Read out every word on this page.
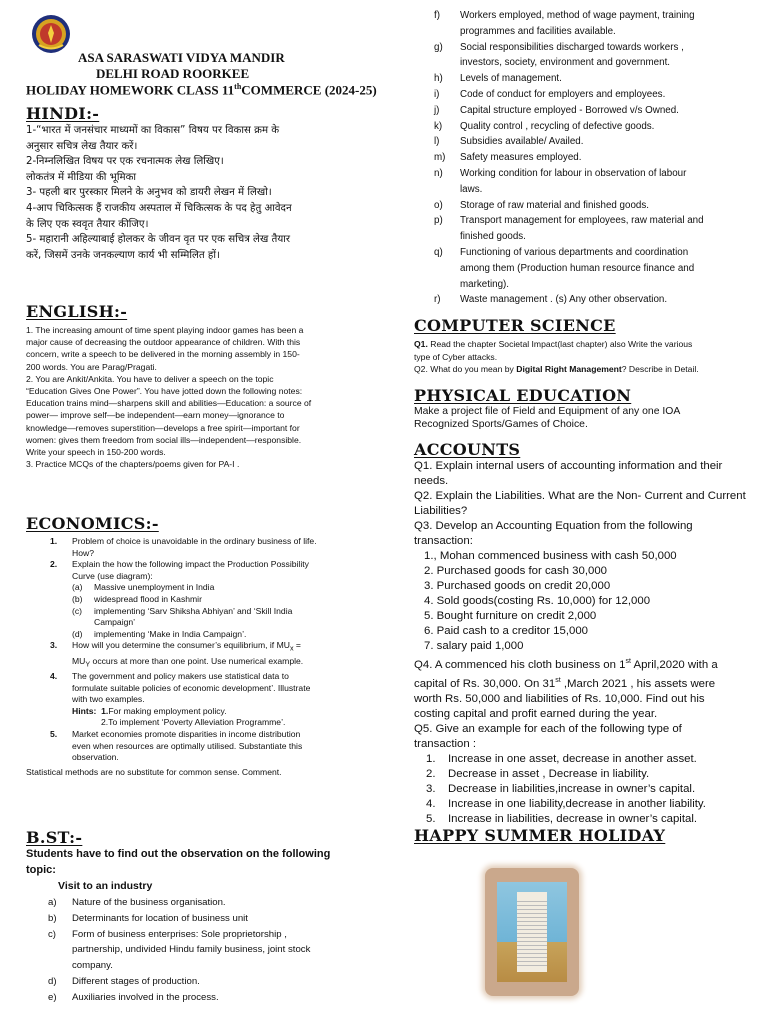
ASA SARASWATI VIDYA MANDIR
DELHI ROAD ROORKEE
HOLIDAY HOMEWORK CLASS 11thCOMMERCE (2024-25)
HINDI:-

1-“भारत में जनसंचार माध्यमों का विकास” विषय पर विकास क्रम के

अनुसार सचित्र लेख तैयार करें।

2-निम्नलिखित विषय पर एक रचनात्मक लेख लिखिए।

लोकतंत्र में मीडिया की भूमिका

3- पहली बार पुरस्कार मिलने के अनुभव को डायरी लेखन में लिखो।

4-आप चिकित्सक हैं राजकीय अस्पताल में चिकित्सक के पद हेतु आवेदन

के लिए एक स्ववृत तैयार कीजिए।

5- महारानी अहिल्याबाई होलकर के जीवन वृत पर एक सचित्र लेख तैयार

करें, जिसमें उनके जनकल्याण कार्य भी सम्मिलित हों।

ENGLISH:-

1. The increasing amount of time spent playing indoor games has been a

major cause of decreasing the outdoor appearance of children. With this

concern, write a speech to be delivered in the morning assembly in 150-

200 words. You are Parag/Pragati.

2. You are Ankit/Ankita. You have to deliver a speech on the topic

“Education Gives One Power”. You have jotted down the following notes:

Education trains mind—sharpens skill and abilities—Education: a source of

power— improve self—be independent—earn money—ignorance to

knowledge—removes superstition—develops a free spirit—important for

women: gives them freedom from social ills—independent—responsible.

Write your speech in 150-200 words.

3. Practice MCQs of the chapters/poems given for PA-I .

ECONOMICS:-
1. Problem of choice is unavoidable in the ordinary business of life.
How?
2. Explain the how the following impact the Production Possibility
Curve (use diagram):
(a) Massive unemployment in India
(b) widespread flood in Kashmir
(c) implementing ‘Sarv Shiksha Abhiyan’ and ‘Skill India
Campaign’
(d) implementing ‘Make in India Campaign’.
3. How will you determine the consumer’s equilibrium, if $MU_x$ =
$MU_Y$ occurs at more than one point. Use numerical example.
4. The government and policy makers use statistical data to
formulate suitable policies of economic development’. Illustrate
with two examples.
Hints: 1.For making employment policy.
2.To implement ‘Poverty Alleviation Programme’.
5. Market economies promote disparities in income distribution
even when resources are optimally utilised. Substantiate this
observation.
Statistical methods are no substitute for common sense. Comment.
B.ST:-
Students have to find out the observation on the following
topic:
Visit to an industry
a) Nature of the business organisation.
b) Determinants for location of business unit
c) Form of business enterprises: Sole proprietorship ,
partnership, undivided Hindu family business, joint stock
company.
d) Different stages of production.
e) Auxiliaries involved in the process.
f) Workers employed, method of wage payment, training
programmes and facilities available.
g) Social responsibilities discharged towards workers ,
investors, society, environment and government.
h) Levels of management.
i) Code of conduct for employers and employees.
j) Capital structure employed - Borrowed v/s Owned.
k) Quality control , recycling of defective goods.
l) Subsidies available/ Availed.
m) Safety measures employed.
n) Working condition for labour in observation of labour
laws.
o) Storage of raw material and finished goods.
p) Transport management for employees, raw material and
finished goods.
q) Functioning of various departments and coordination
among them (Production human resource finance and
marketing).
r) Waste management . (s) Any other observation.
COMPUTER SCIENCE

Q1. Read the chapter Societal Impact(last chapter) also Write the various

type of Cyber attacks.

Q2. What do you mean by Digital Right Management? Describe in Detail.

PHYSICAL EDUCATION

Make a project file of Field and Equipment of any one IOA

Recognized Sports/Games of Choice.

ACCOUNTS
Q1. Explain internal users of accounting information and their
needs.
Q2. Explain the Liabilities. What are the Non- Current and Current
Liabilities?
Q3. Develop an Accounting Equation from the following
transaction:
1., Mohan commenced business with cash 50,000
2. Purchased goods for cash 30,000
3. Purchased goods on credit 20,000
4. Sold goods(costing Rs. 10,000) for 12,000
5. Bought furniture on credit 2,000
6. Paid cash to a creditor 15,000
7. salary paid 1,000
Q4. A commenced his cloth business on 1st April,2020 with a
capital of Rs. 30,000. On 31st ,March 2021 , his assets were
worth Rs. 50,000 and liabilities of Rs. 10,000. Find out his
costing capital and profit earned during the year.
Q5. Give an example for each of the following type of
transaction :
1. Increase in one asset, decrease in another asset.
2. Decrease in asset , Decrease in liability.
3. Decrease in liabilities,increase in owner’s capital.
4. Increase in one liability,decrease in another liability.
5. Increase in liabilities, decrease in owner’s capital.
HAPPY SUMMER HOLIDAY
